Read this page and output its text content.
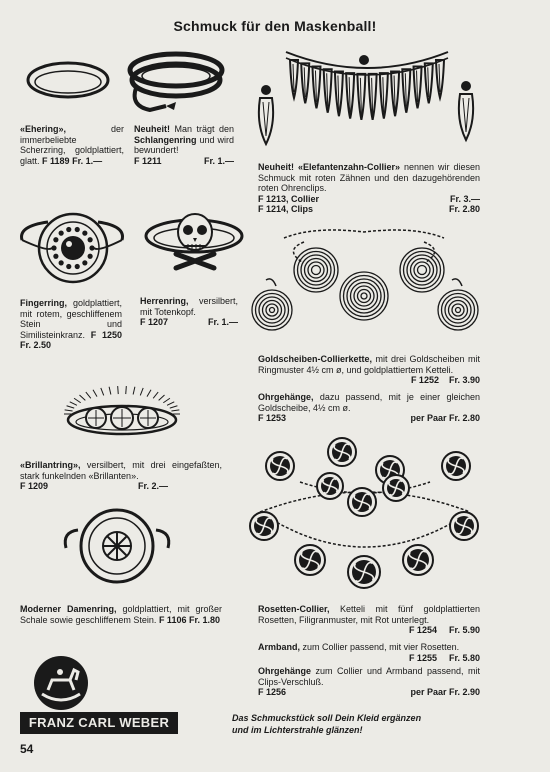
Schmuck für den Maskenball!
«Ehering»,	der immerbeliebte Scherzring, goldplattiert, glatt. F 1189 Fr. 1.—
Neuheit! Man trägt den Schlangenring und wird bewundert!
F 1211	Fr. 1.—
Neuheit! «Elefantenzahn-Collier» nennen wir diesen Schmuck mit roten Zähnen und den dazugehörenden roten Ohrenclips.
F 1213, Collier	Fr. 3.—
F 1214, Clips	Fr. 2.80
Fingerring, goldplattiert, mit rotem, geschliffenem Stein und Similisteinkranz. F 1250 Fr. 2.50
Herrenring, versilbert, mit Totenkopf.
F 1207	Fr. 1.—
Goldscheiben-Collierkette, mit drei Goldscheiben mit Ringmuster 4½ cm ø, und goldplattiertem Ketteli.
F 1252 Fr. 3.90
Ohrgehänge, dazu passend, mit je einer gleichen Goldscheibe, 4½ cm ø.
F 1253	per Paar Fr. 2.80
«Brillantring», versilbert, mit drei eingefaßten, stark funkelnden «Brillanten».
F 1209	Fr. 2.—
Moderner Damenring, goldplattiert, mit großer Schale sowie geschliffenem Stein. F 1106 Fr. 1.80
Rosetten-Collier, Ketteli mit fünf goldplattierten Rosetten, Filigranmuster, mit Rot unterlegt.
F 1254 Fr. 5.90
Armband, zum Collier passend, mit vier Rosetten.
F 1255 Fr. 5.80
Ohrgehänge zum Collier und Armband passend, mit Clips-Verschluß.
F 1256	per Paar Fr. 2.90
FRANZ CARL WEBER	Das Schmuckstück soll Dein Kleid ergänzen
und im Lichterstrahle glänzen!
54
